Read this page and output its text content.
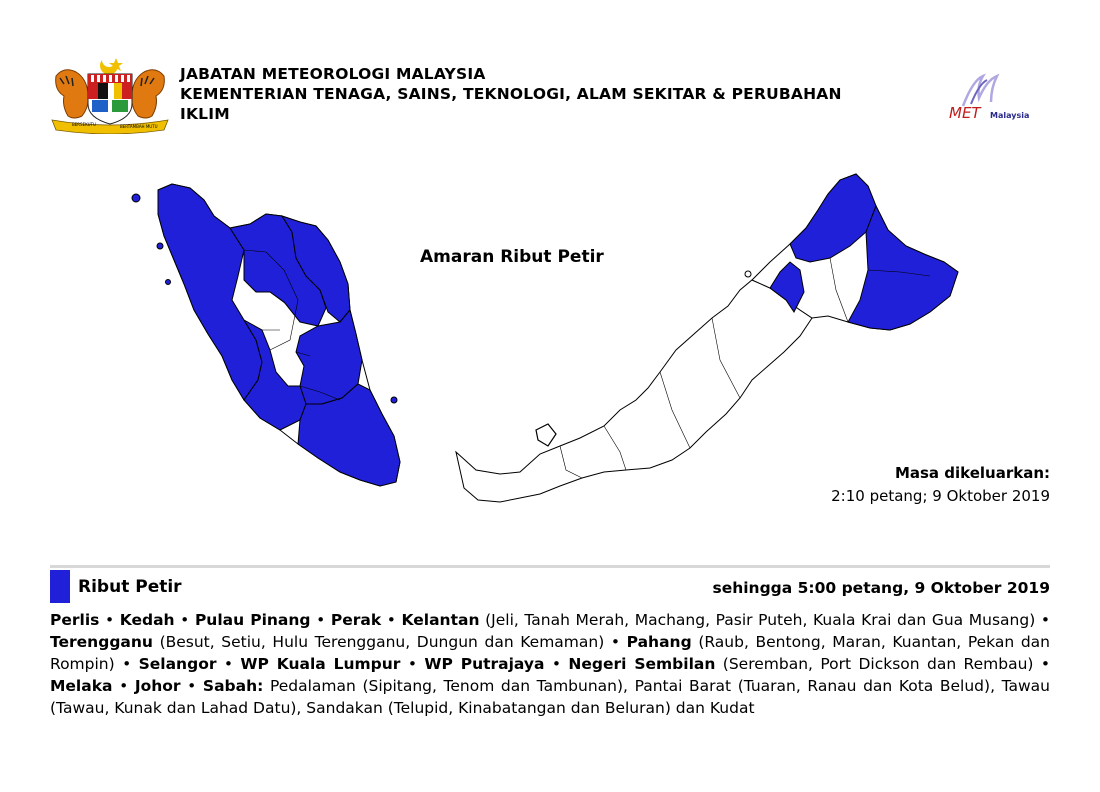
BERSEKUTU	BERTAMBAH MUTU
JABATAN METEOROLOGI MALAYSIA
KEMENTERIAN TENAGA, SAINS, TEKNOLOGI, ALAM SEKITAR & PERUBAHAN
IKLIM	MET Malaysia
Amaran Ribut Petir
Masa dikeluarkan:
2:10 petang; 9 Oktober 2019
Ribut Petir	sehingga 5:00 petang, 9 Oktober 2019
Perlis • Kedah • Pulau Pinang • Perak • Kelantan (Jeli, Tanah Merah, Machang, Pasir Puteh, Kuala Krai dan Gua Musang) • Terengganu (Besut, Setiu, Hulu Terengganu, Dungun dan Kemaman) • Pahang (Raub, Bentong, Maran, Kuantan, Pekan dan Rompin) • Selangor • WP Kuala Lumpur • WP Putrajaya • Negeri Sembilan (Seremban, Port Dickson dan Rembau) • Melaka • Johor • Sabah: Pedalaman (Sipitang, Tenom dan Tambunan), Pantai Barat (Tuaran, Ranau dan Kota Belud), Tawau (Tawau, Kunak dan Lahad Datu), Sandakan (Telupid, Kinabatangan dan Beluran) dan Kudat
